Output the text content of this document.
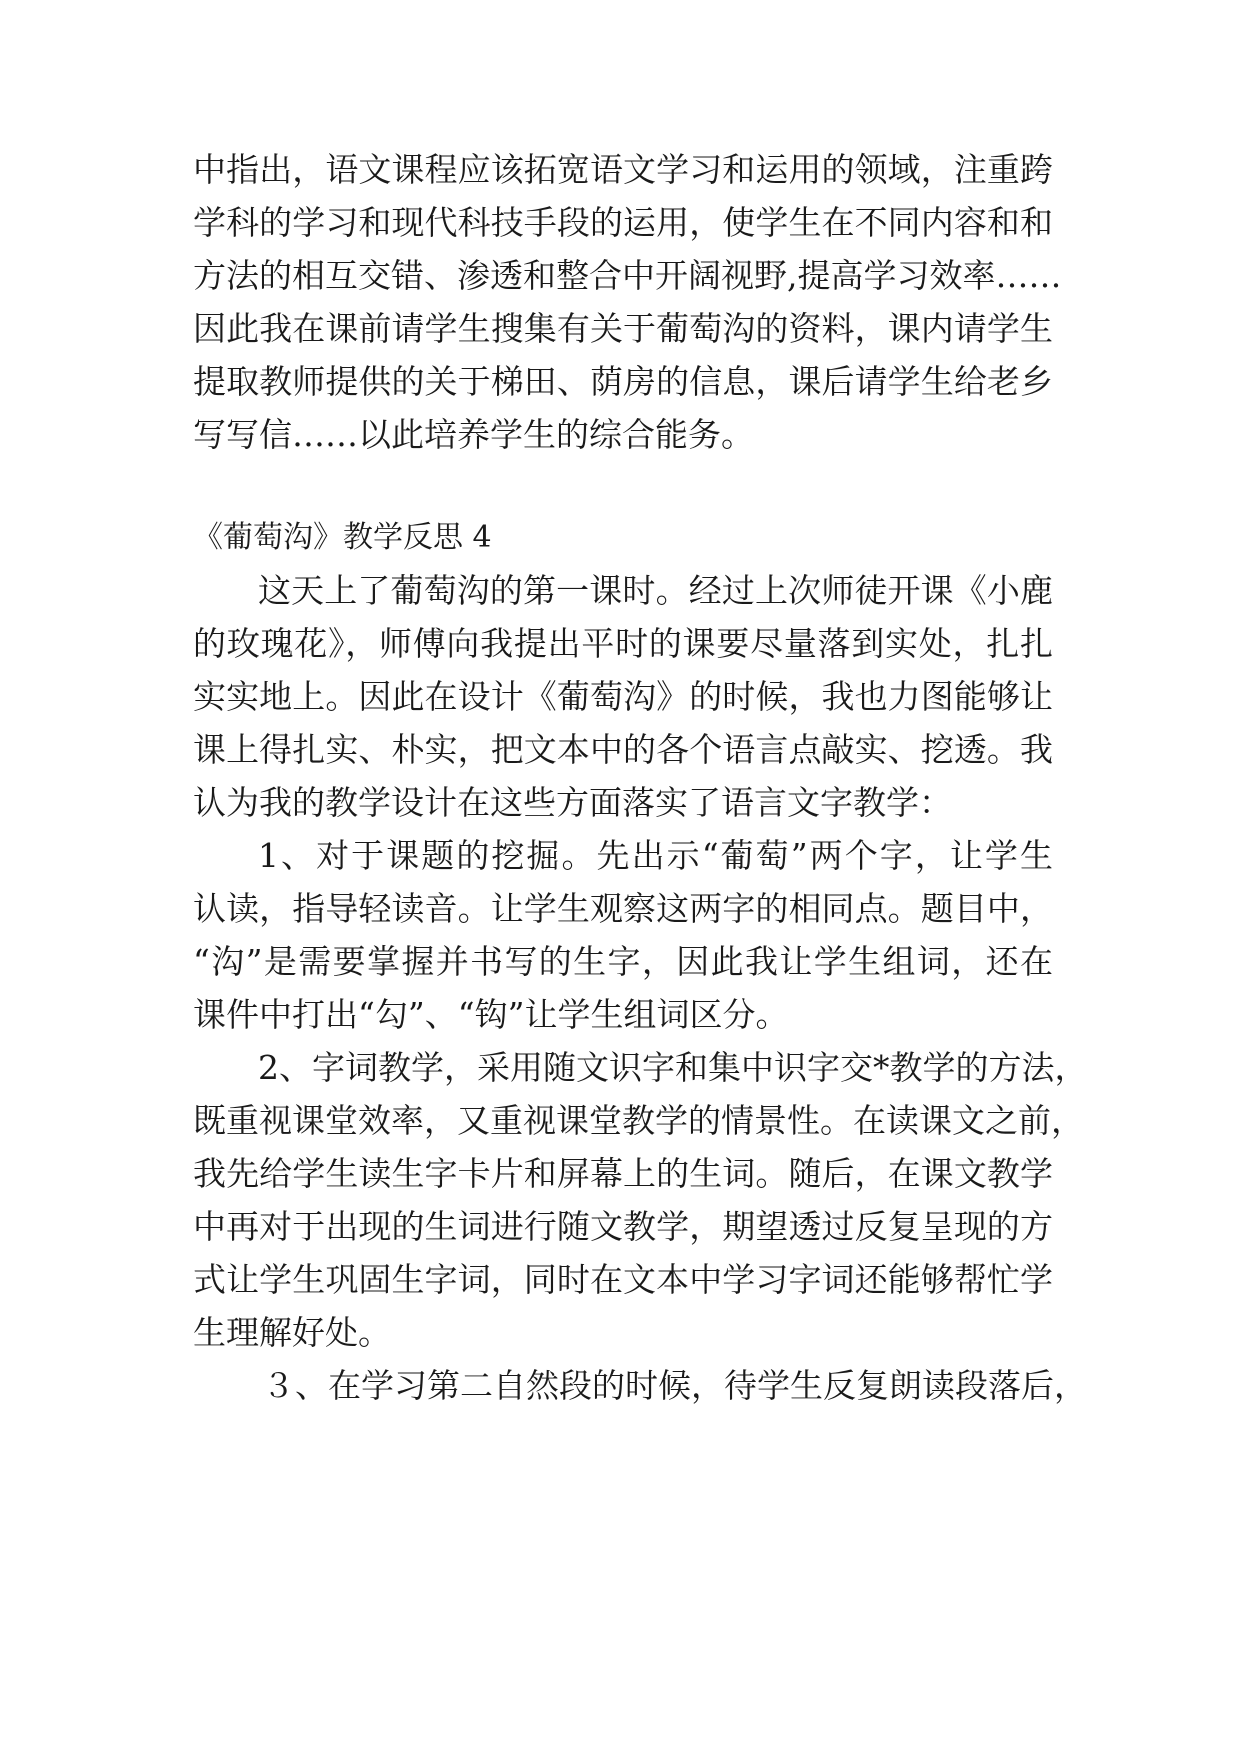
中指出，语文课程应该拓宽语文学习和运用的领域，注重跨
学科的学习和现代科技手段的运用，使学生在不同内容和和
方法的相互交错、渗透和整合中开阔视野,提高学习效率……
因此我在课前请学生搜集有关于葡萄沟的资料，课内请学生
提取教师提供的关于梯田、荫房的信息，课后请学生给老乡
写写信……以此培养学生的综合能务。
《葡萄沟》教学反思 4
这天上了葡萄沟的第一课时。经过上次师徒开课《小鹿
的玫瑰花》，师傅向我提出平时的课要尽量落到实处，扎扎
实实地上。因此在设计《葡萄沟》的时候，我也力图能够让
课上得扎实、朴实，把文本中的各个语言点敲实、挖透。我
认为我的教学设计在这些方面落实了语言文字教学：
1、对于课题的挖掘。先出示“葡萄”两个字，让学生
认读，指导轻读音。让学生观察这两字的相同点。题目中，
“沟”是需要掌握并书写的生字，因此我让学生组词，还在
课件中打出“勾”、“钩”让学生组词区分。
2、字词教学，采用随文识字和集中识字交*教学的方法，
既重视课堂效率，又重视课堂教学的情景性。在读课文之前，
我先给学生读生字卡片和屏幕上的生词。随后，在课文教学
中再对于出现的生词进行随文教学，期望透过反复呈现的方
式让学生巩固生字词，同时在文本中学习字词还能够帮忙学
生理解好处。
３、在学习第二自然段的时候，待学生反复朗读段落后，
